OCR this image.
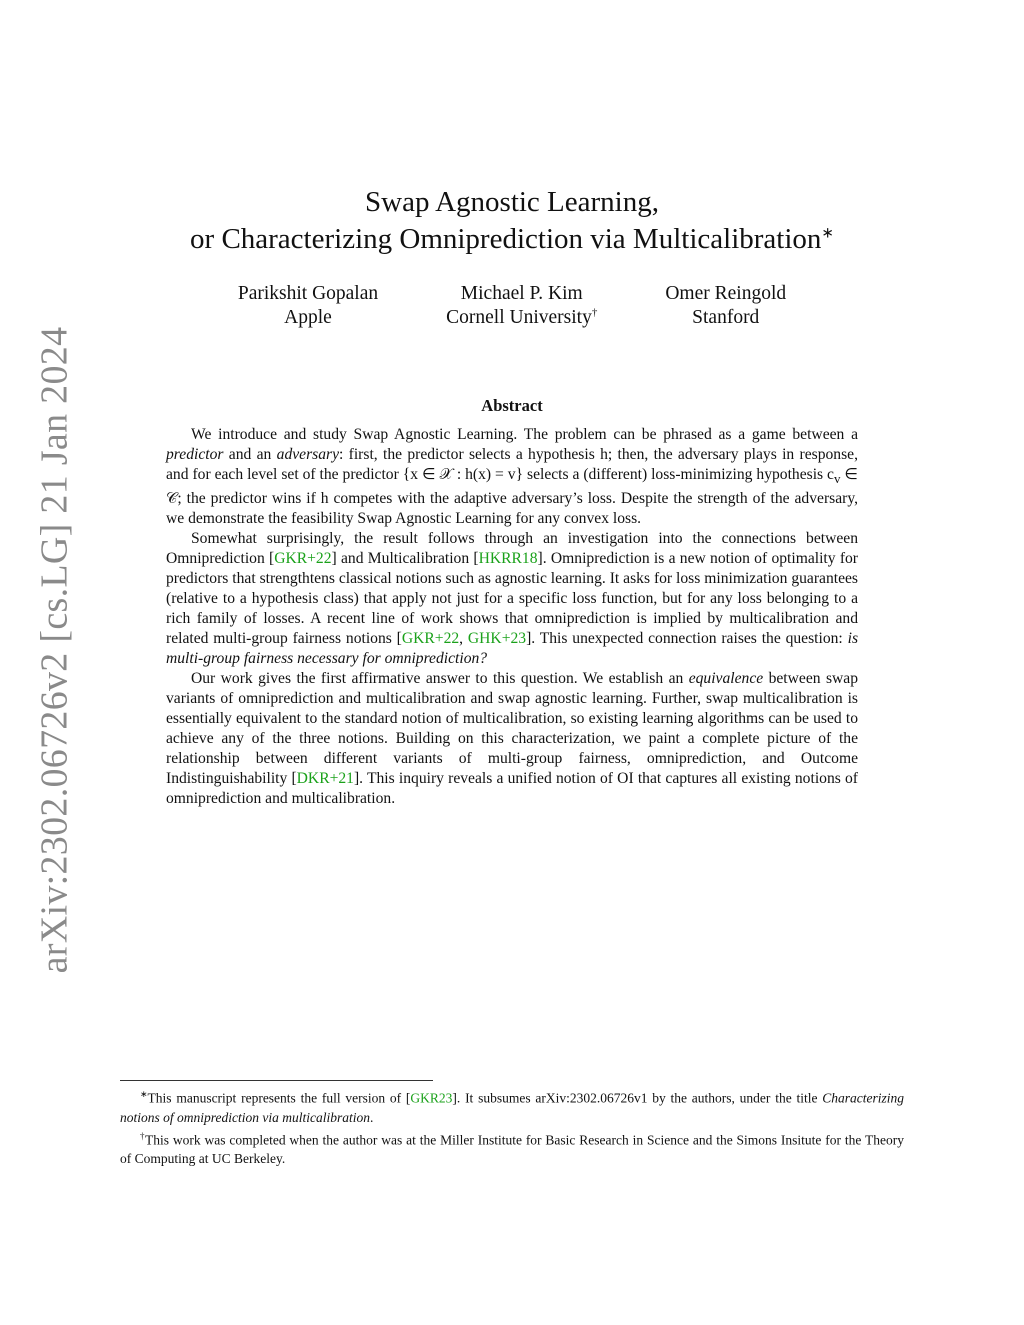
arXiv:2302.06726v2 [cs.LG] 21 Jan 2024
Swap Agnostic Learning,
or Characterizing Omniprediction via Multicalibration∗
Parikshit Gopalan
Apple
Michael P. Kim
Cornell University†
Omer Reingold
Stanford
Abstract

We introduce and study Swap Agnostic Learning. The problem can be phrased as a game between a predictor and an adversary: first, the predictor selects a hypothesis h; then, the adversary plays in response, and for each level set of the predictor {x ∈ 𝒳 : h(x) = v} selects a (different) loss-minimizing hypothesis $c_v$ ∈ 𝒞; the predictor wins if h competes with the adaptive adversary’s loss. Despite the strength of the adversary, we demonstrate the feasibility Swap Agnostic Learning for any convex loss.

Somewhat surprisingly, the result follows through an investigation into the connections between Omniprediction [GKR+22] and Multicalibration [HKRR18]. Omniprediction is a new notion of optimality for predictors that strengthtens classical notions such as agnostic learning. It asks for loss minimization guarantees (relative to a hypothesis class) that apply not just for a specific loss function, but for any loss belonging to a rich family of losses. A recent line of work shows that omniprediction is implied by multicalibration and related multi-group fairness notions [GKR+22, GHK+23]. This unexpected connection raises the question: is multi-group fairness necessary for omniprediction?

Our work gives the first affirmative answer to this question. We establish an equivalence between swap variants of omniprediction and multicalibration and swap agnostic learning. Further, swap multicalibration is essentially equivalent to the standard notion of multicalibration, so existing learning algorithms can be used to achieve any of the three notions. Building on this characterization, we paint a complete picture of the relationship between different variants of multi-group fairness, omniprediction, and Outcome Indistinguishability [DKR+21]. This inquiry reveals a unified notion of OI that captures all existing notions of omniprediction and multicalibration.

∗This manuscript represents the full version of [GKR23]. It subsumes arXiv:2302.06726v1 by the authors, under the title Characterizing notions of omniprediction via multicalibration.

†This work was completed when the author was at the Miller Institute for Basic Research in Science and the Simons Insitute for the Theory of Computing at UC Berkeley.
